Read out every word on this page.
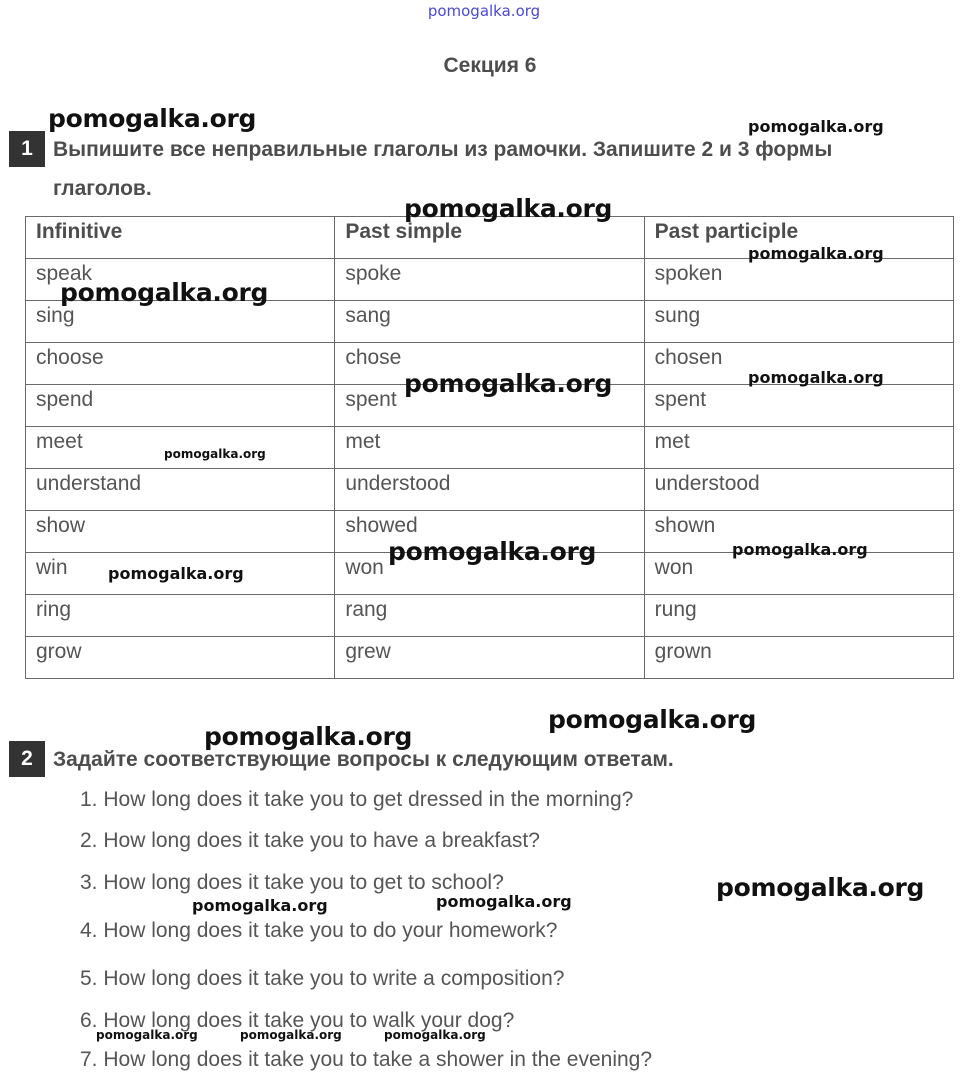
pomogalka.org
Секция 6
1 Выпишите все неправильные глаголы из рамочки. Запишите 2 и 3 формы
глаголов.
Infinitive	Past simple	Past participle
speak	spoke	spoken
sing	sang	sung
choose	chose	chosen
spend	spent	spent
meet	met	met
understand	understood	understood
show	showed	shown
win	won	won
ring	rang	rung
grow	grew	grown
2 Задайте соответствующие вопросы к следующим ответам.
1. How long does it take you to get dressed in the morning?
2. How long does it take you to have a breakfast?
3. How long does it take you to get to school?
4. How long does it take you to do your homework?
5. How long does it take you to write a composition?
6. How long does it take you to walk your dog?
7. How long does it take you to take a shower in the evening?
pomogalka.org	pomogalka.org
pomogalka.org
pomogalka.org
pomogalka.org
pomogalka.org
pomogalka.org
pomogalka.org
pomogalka.org
pomogalka.org
pomogalka.org
pomogalka.org
pomogalka.org
pomogalka.org
pomogalka.org	pomogalka.org
pomogalka.org	pomogalka.org	pomogalka.org
